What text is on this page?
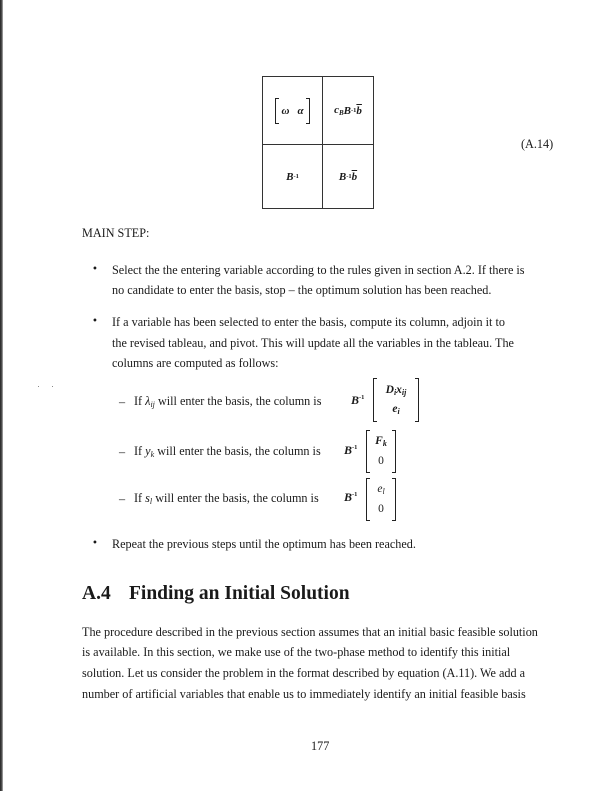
ω α	cB B -1 $\overline{b}$
B -1	B -1 $\overline{b}$
(A.14)
MAIN STEP:
• Select the the entering variable according to the rules given in section A.2. If there is
no candidate to enter the basis, stop – the optimum solution has been reached.
• If a variable has been selected to enter the basis, compute its column, adjoin it to
the revised tableau, and pivot. This will update all the variables in the tableau. The
columns are computed as follows:
– If $\lambda_{ij}$ will enter the basis, the column is $B^{-1}$
$D_ix_{ij}$
$e_i$
– If $y_k$ will enter the basis, the column is $B^{-1}$
$F_k$
0
– If $s_l$ will enter the basis, the column is $B^{-1}$	$e_l$
0
• Repeat the previous steps until the optimum has been reached.
A.4 Finding an Initial Solution
The procedure described in the previous section assumes that an initial basic feasible solution
is available. In this section, we make use of the two-phase method to identify this initial
solution. Let us consider the problem in the format described by equation (A.11). We add a
number of artificial variables that enable us to immediately identify an initial feasible basis
177
